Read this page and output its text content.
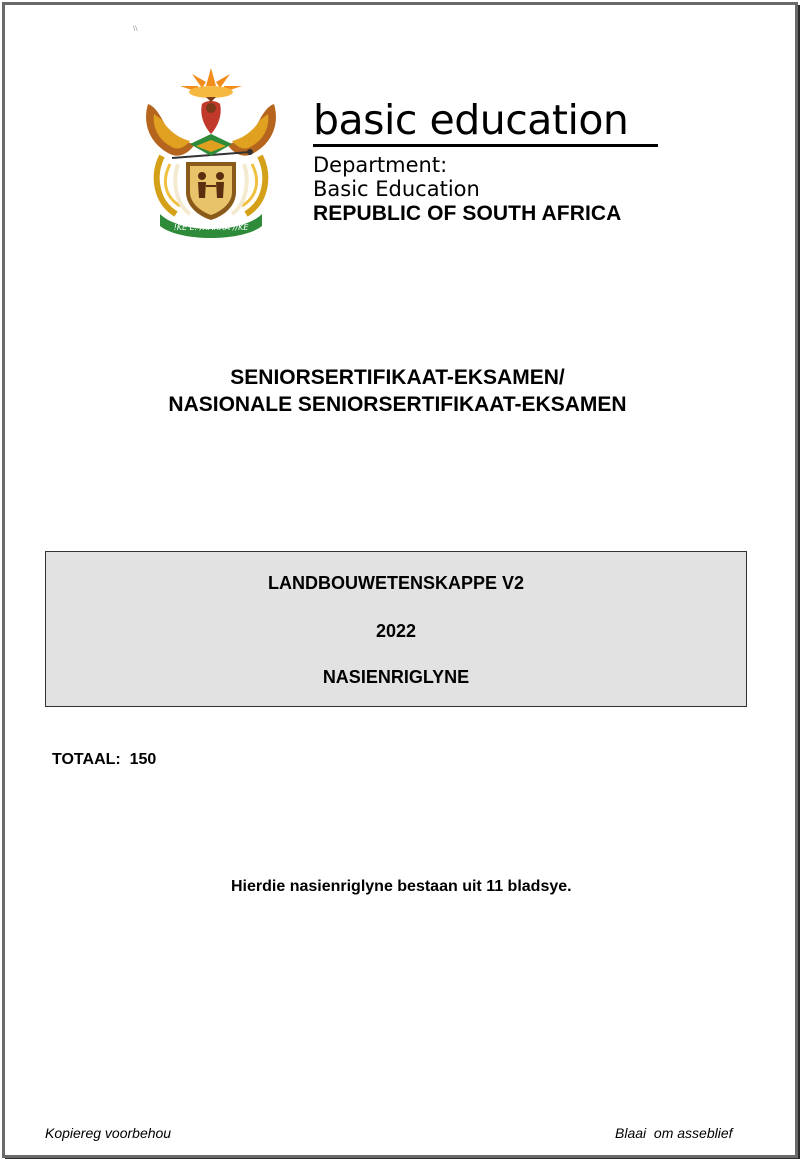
\\
!KE E: /XARRA //KE
basic education
Department:
Basic Education
REPUBLIC OF SOUTH AFRICA
SENIORSERTIFIKAAT-EKSAMEN/
NASIONALE SENIORSERTIFIKAAT-EKSAMEN
LANDBOUWETENSKAPPE V2
2022
NASIENRIGLYNE
TOTAAL:  150
Hierdie nasienriglyne bestaan uit 11 bladsye.
Kopiereg voorbehou	Blaai  om asseblief
